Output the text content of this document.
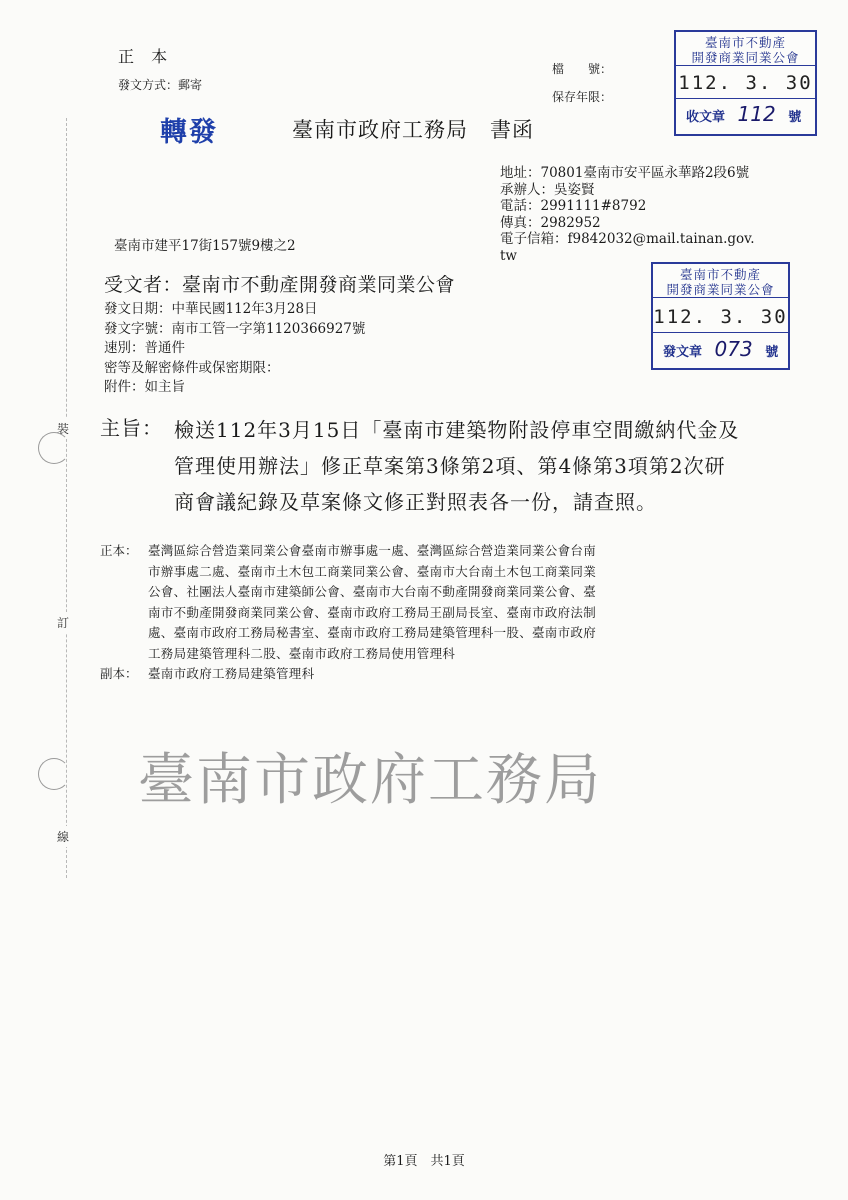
裝
訂
線
正 本
發文方式：郵寄
檔　　號：
保存年限：
轉發	臺南市政府工務局　書函
臺南市不動產
開發商業同業公會
112. 3. 30
收文章 112 號
地址：70801臺南市安平區永華路2段6號
承辦人：吳姿賢
電話：2991111#8792
傳真：2982952
電子信箱：f9842032@mail.tainan.gov.
tw
臺南市建平17街157號9樓之2
受文者：臺南市不動產開發商業同業公會	臺南市不動產
開發商業同業公會
112. 3. 30
發文章 073 號
發文日期：中華民國112年3月28日
發文字號：南市工管一字第1120366927號
速別：普通件
密等及解密條件或保密期限：
附件：如主旨
主旨： 檢送112年3月15日「臺南市建築物附設停車空間繳納代金及
管理使用辦法」修正草案第3條第2項、第4條第3項第2次研
商會議紀錄及草案條文修正對照表各一份，請查照。
正本： 臺灣區綜合營造業同業公會臺南市辦事處一處、臺灣區綜合營造業同業公會台南
市辦事處二處、臺南市土木包工商業同業公會、臺南市大台南土木包工商業同業
公會、社團法人臺南市建築師公會、臺南市大台南不動產開發商業同業公會、臺
南市不動產開發商業同業公會、臺南市政府工務局王副局長室、臺南市政府法制
處、臺南市政府工務局秘書室、臺南市政府工務局建築管理科一股、臺南市政府
工務局建築管理科二股、臺南市政府工務局使用管理科
副本： 臺南市政府工務局建築管理科
臺南市政府工務局
第1頁　共1頁
